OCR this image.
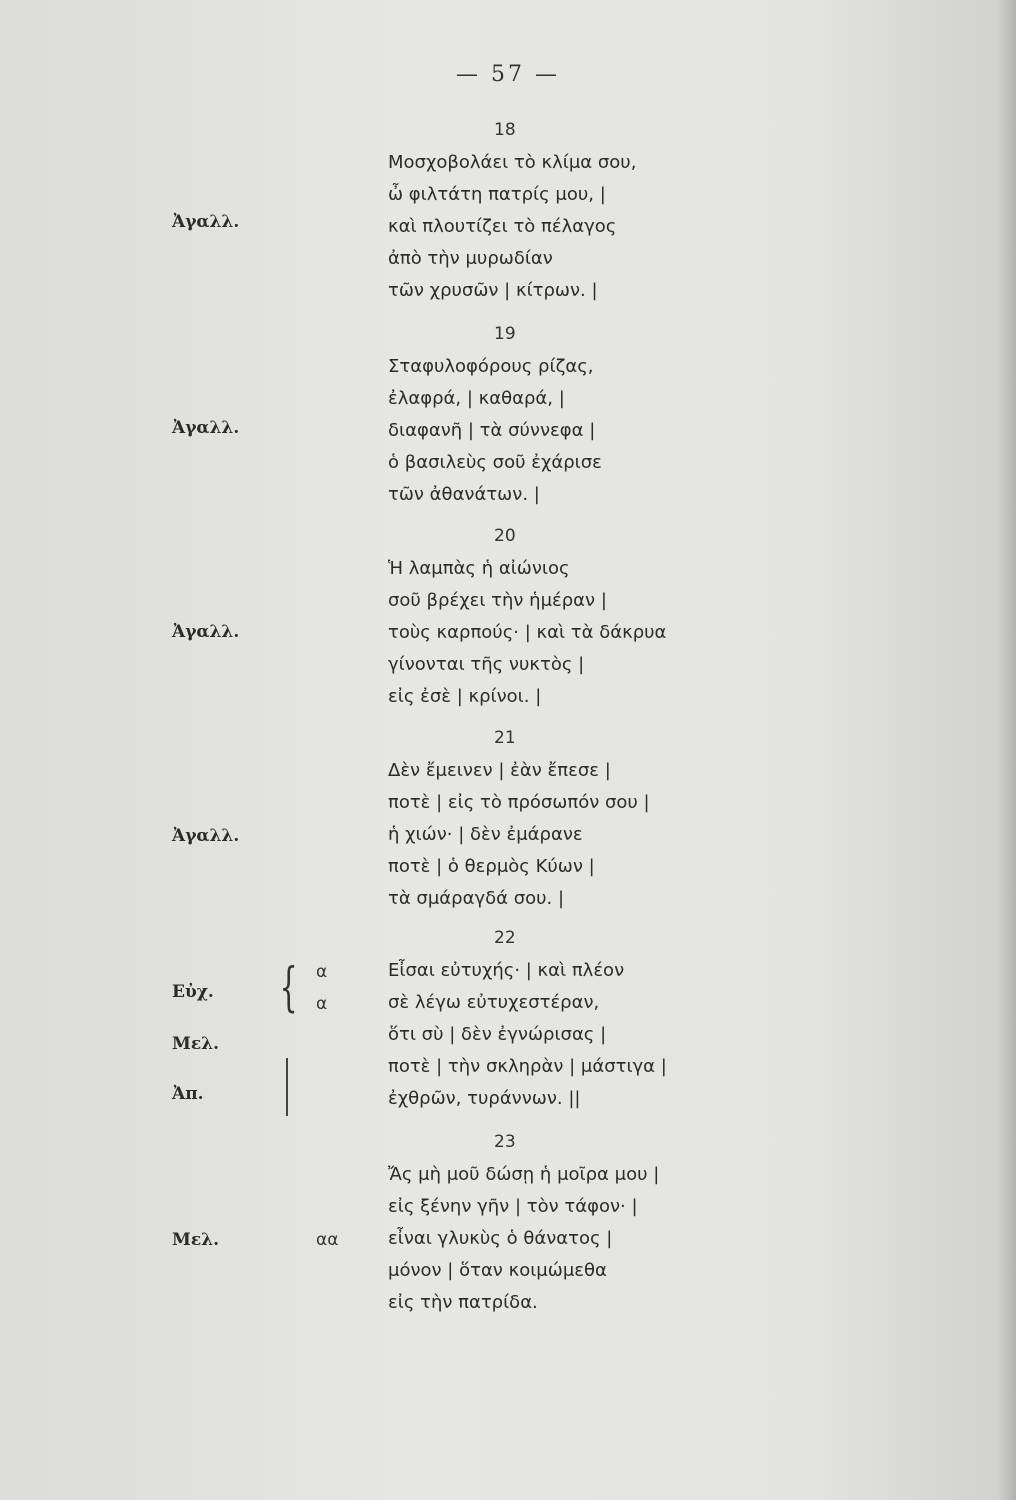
— 57 —
18
Μοσχοβολάει τὸ κλίμα σου,
ὦ φιλτάτη πατρίς μου, |
καὶ πλουτίζει τὸ πέλαγος
ἀπὸ τὴν μυρωδίαν
τῶν χρυσῶν | κίτρων. |
Ἀγαλλ.
19
Σταφυλοφόρους ρίζας,
ἐλαφρά, | καθαρά, |
διαφανῆ | τὰ σύννεφα |
ὁ βασιλεὺς σοῦ ἐχάρισε
τῶν ἀθανάτων. |
Ἀγαλλ.
20
Ἡ λαμπὰς ἡ αἰώνιος
σοῦ βρέχει τὴν ἡμέραν |
τοὺς καρπούς· | καὶ τὰ δάκρυα
γίνονται τῆς νυκτὸς |
εἰς ἐσὲ | κρίνοι. |
Ἀγαλλ.
21
Δὲν ἔμεινεν | ἐὰν ἔπεσε |
ποτὲ | εἰς τὸ πρόσωπόν σου |
ἡ χιών· | δὲν ἐμάρανε
ποτὲ | ὁ θερμὸς Κύων |
τὰ σμάραγδά σου. |
Ἀγαλλ.
22
Εἶσαι εὐτυχής· | καὶ πλέον
σὲ λέγω εὐτυχεστέραν,
ὅτι σὺ | δὲν ἐγνώρισας |
ποτὲ | τὴν σκληρὰν | μάστιγα |
ἐχθρῶν, τυράννων. ||
Εὐχ.
Μελ.
Ἀπ.
α
α
{
23
Ἄς μὴ μοῦ δώσῃ ἡ μοῖρα μου |
εἰς ξένην γῆν | τὸν τάφον· |
εἶναι γλυκὺς ὁ θάνατος |
μόνον | ὅταν κοιμώμεθα
εἰς τὴν πατρίδα.
Μελ.	αα
